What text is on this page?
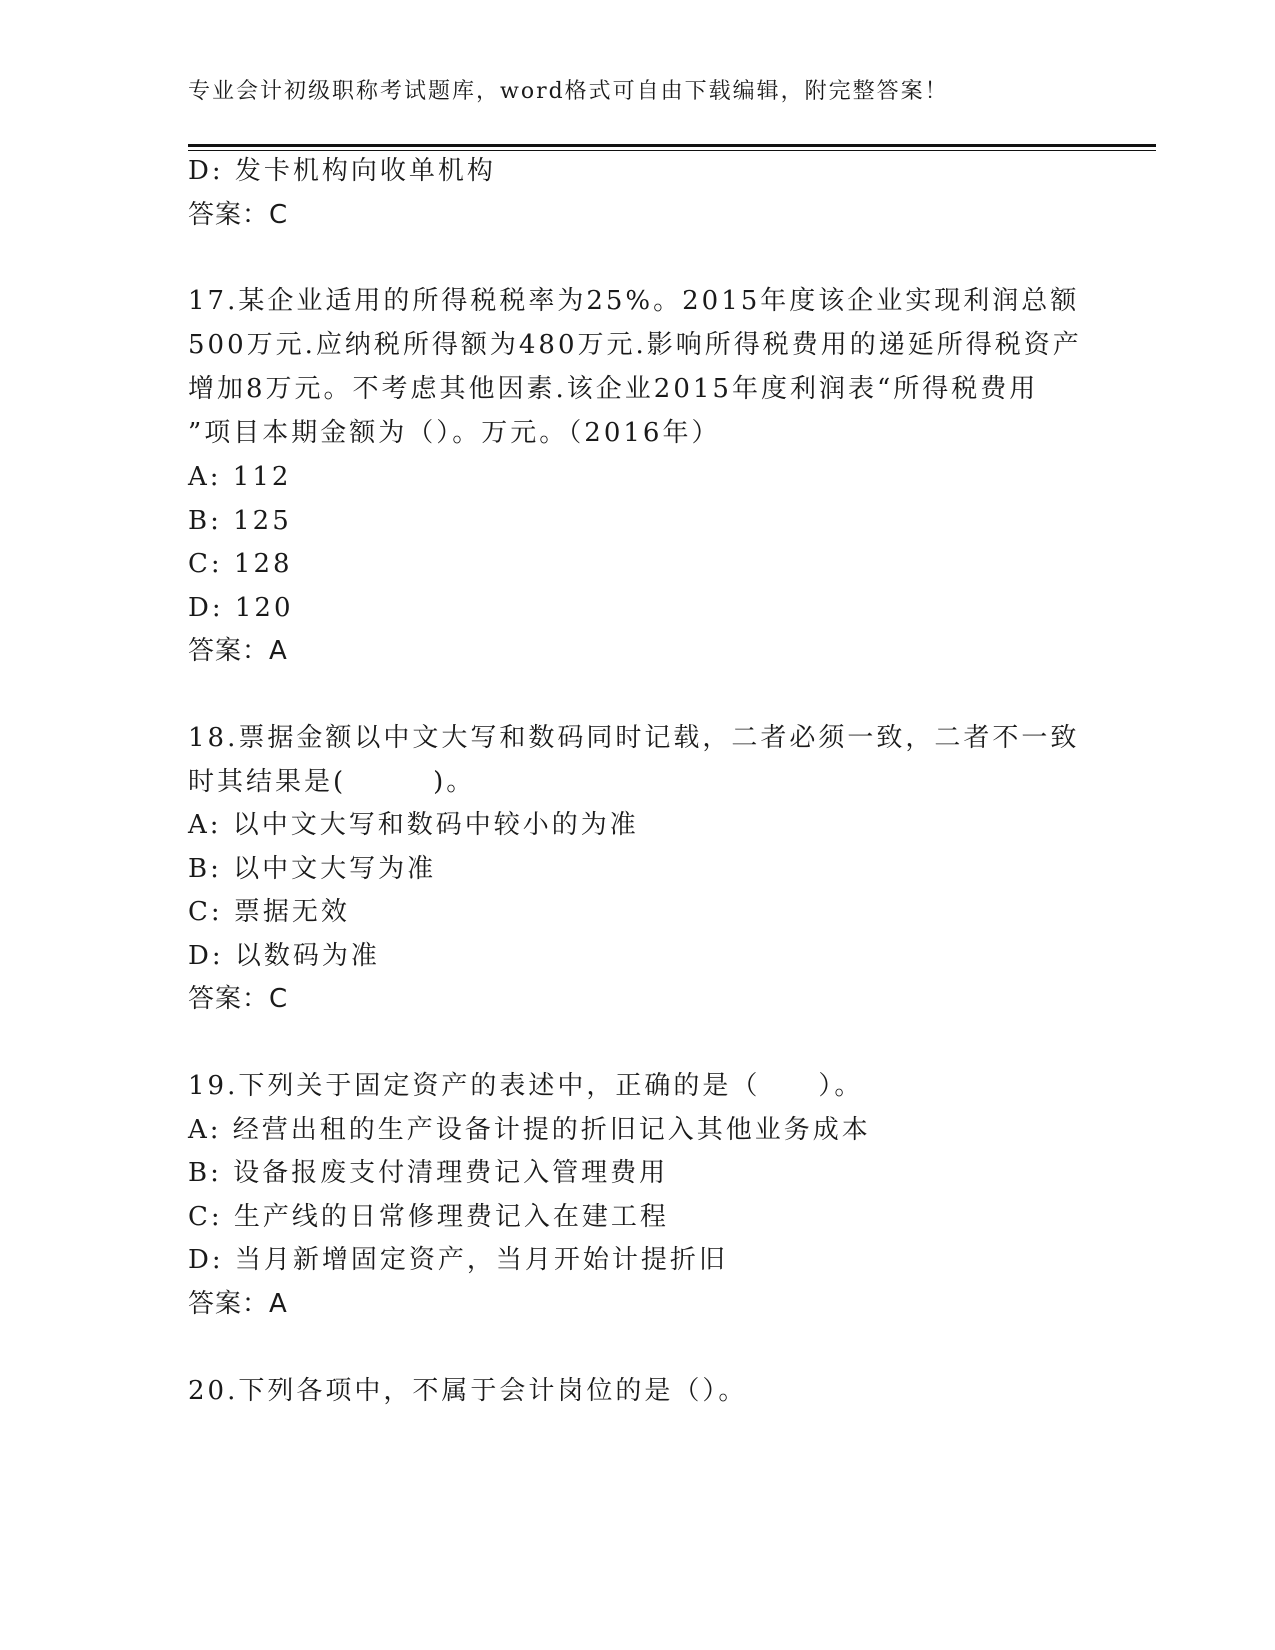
专业会计初级职称考试题库，word格式可自由下载编辑，附完整答案！
D: 发卡机构向收单机构
答案：C
17.某企业适用的所得税税率为25%。2015年度该企业实现利润总额
500万元.应纳税所得额为480万元.影响所得税费用的递延所得税资产
增加8万元。不考虑其他因素.该企业2015年度利润表“所得税费用
”项目本期金额为（）。万元。（2016年）
A: 112
B: 125
C: 128
D: 120
答案：A
18.票据金额以中文大写和数码同时记载，二者必须一致，二者不一致
时其结果是(　　　)。
A: 以中文大写和数码中较小的为准
B: 以中文大写为准
C: 票据无效
D: 以数码为准
答案：C
19.下列关于固定资产的表述中，正确的是（　　）。
A: 经营出租的生产设备计提的折旧记入其他业务成本
B: 设备报废支付清理费记入管理费用
C: 生产线的日常修理费记入在建工程
D: 当月新增固定资产，当月开始计提折旧
答案：A
20.下列各项中，不属于会计岗位的是（）。
